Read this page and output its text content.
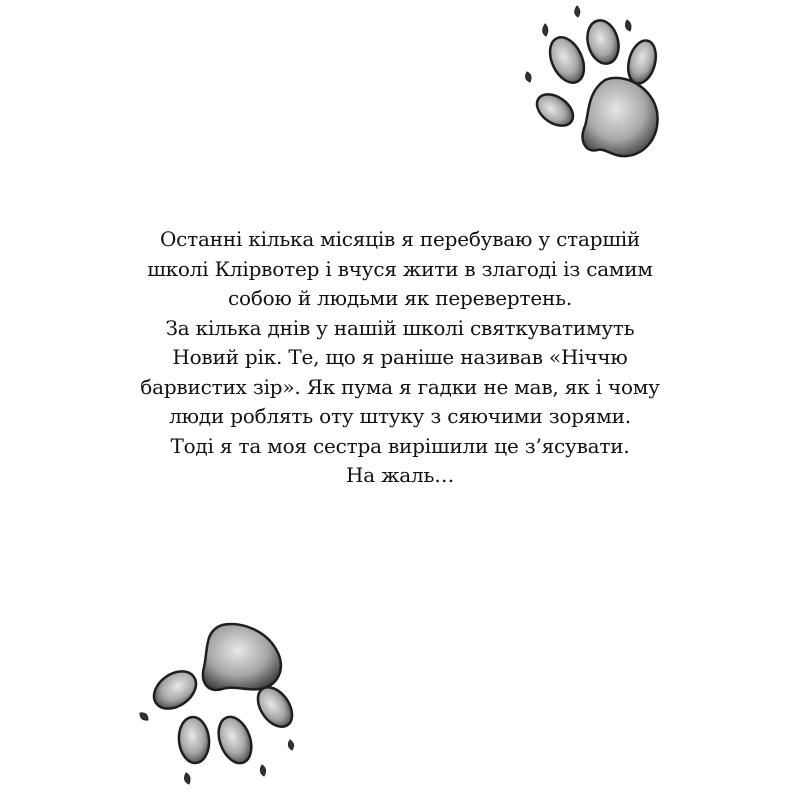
Останні кілька місяців я перебуваю у старшій
школі Клірвотер і вчуся жити в злагоді із самим
собою й людьми як перевертень.
За кілька днів у нашій школі святкуватимуть
Новий рік. Те, що я раніше називав «Ніччю
барвистих зір». Як пума я гадки не мав, як і чому
люди роблять оту штуку з сяючими зорями.
Тоді я та моя сестра вирішили це з’ясувати.
На жаль…
